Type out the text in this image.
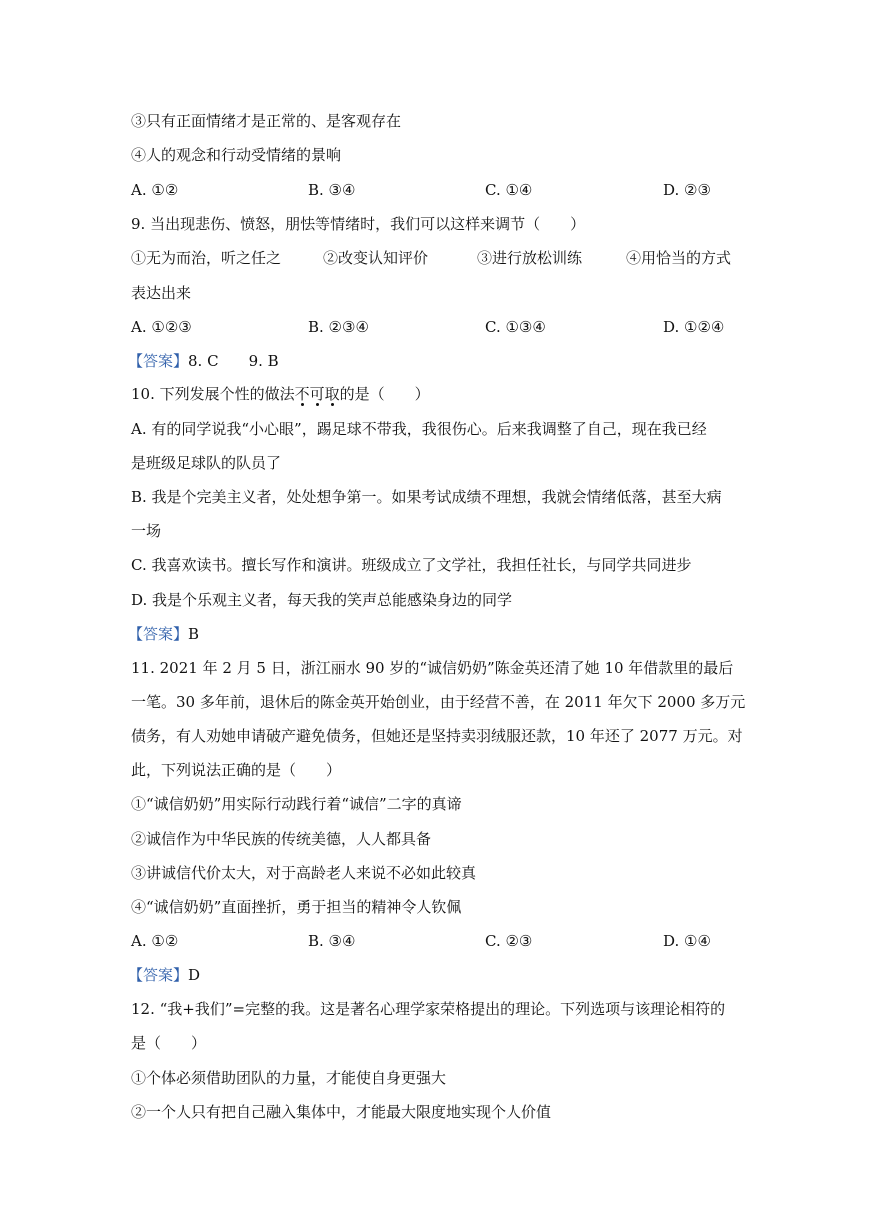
③只有正面情绪才是正常的、是客观存在
④人的观念和行动受情绪的景响
A. ①②	B. ③④	C. ①④	D. ②③
9. 当出现悲伤、愤怒，朋怯等情绪时，我们可以这样来调节（　　）
①无为而治，听之任之	②改变认知评价	③进行放松训练	④用恰当的方式
表达出来
A. ①②③	B. ②③④	C. ①③④	D. ①②④
【答案】8. C　　9. B
10. 下列发展个性的做法不可取
的是（　　）
A. 有的同学说我“小心眼”，踢足球不带我，我很伤心。后来我调整了自己，现在我已经
是班级足球队的队员了
B. 我是个完美主义者，处处想争第一。如果考试成绩不理想，我就会情绪低落，甚至大病
一场
C. 我喜欢读书。擅长写作和演讲。班级成立了文学社，我担任社长，与同学共同进步
D. 我是个乐观主义者，每天我的笑声总能感染身边的同学
【答案】B
11. 2021 年 2 月 5 日，浙江丽水 90 岁的“诚信奶奶”陈金英还清了她 10 年借款里的最后
一笔。30 多年前，退休后的陈金英开始创业，由于经营不善，在 2011 年欠下 2000 多万元
债务，有人劝她申请破产避免债务，但她还是坚持卖羽绒服还款，10 年还了 2077 万元。对
此，下列说法正确的是（　　）
①“诚信奶奶”用实际行动践行着“诚信”二字的真谛
②诚信作为中华民族的传统美德，人人都具备
③讲诚信代价太大，对于高龄老人来说不必如此较真
④“诚信奶奶”直面挫折，勇于担当的精神令人钦佩
A. ①②	B. ③④	C. ②③	D. ①④
【答案】D
12. “我+我们”=完整的我。这是著名心理学家荣格提出的理论。下列选项与该理论相符的
是（　　）
①个体必须借助团队的力量，才能使自身更强大
②一个人只有把自己融入集体中，才能最大限度地实现个人价值
